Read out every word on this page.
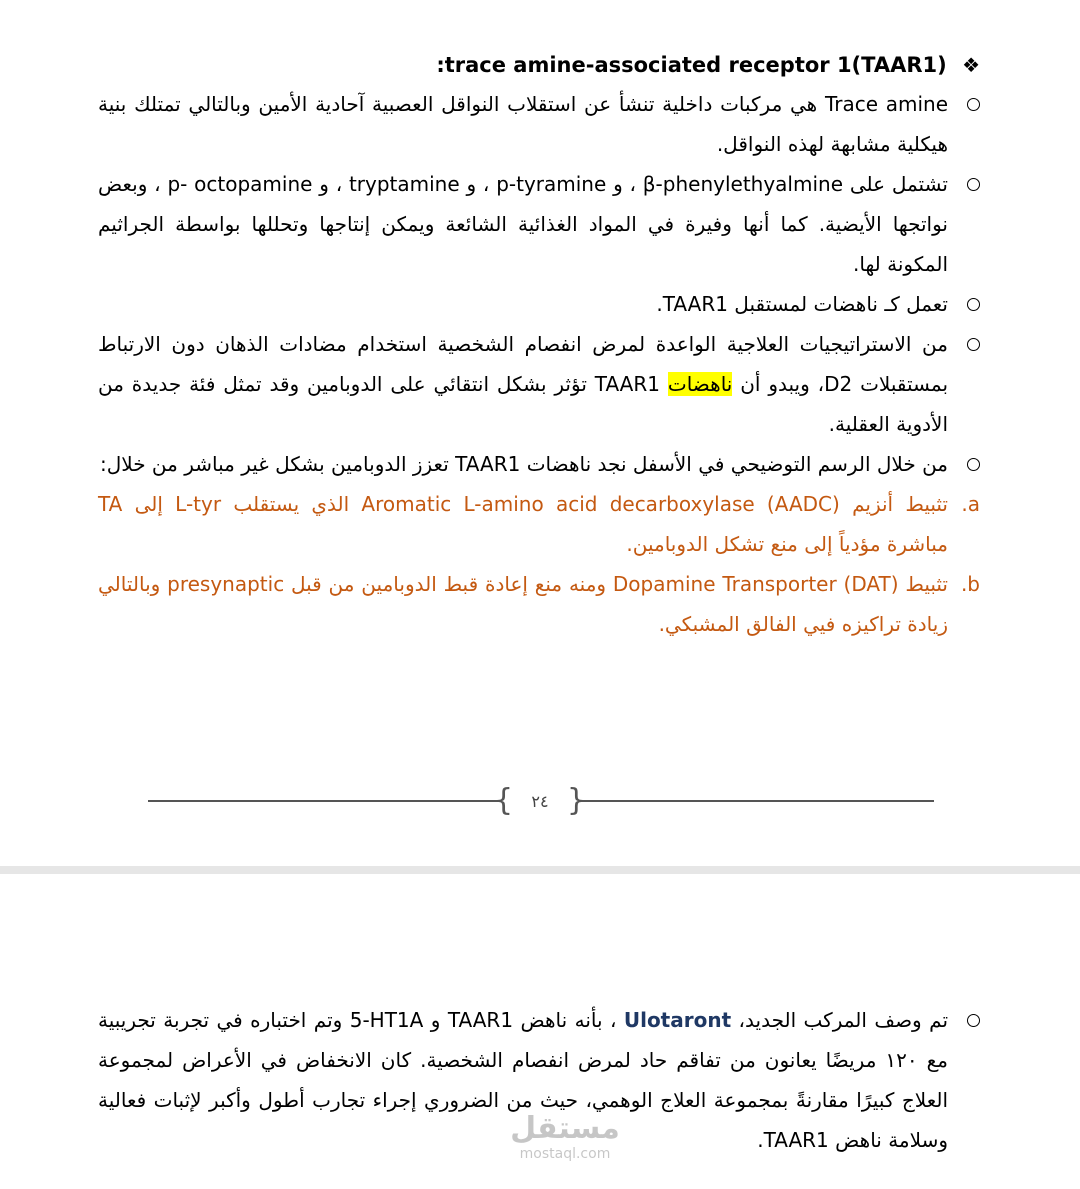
:trace amine-associated receptor 1(TAAR1) ❖
Trace amine هي مركبات داخلية تنشأ عن استقلاب النواقل العصبية آحادية الأمين وبالتالي تمتلك بنية هيكلية مشابهة لهذه النواقل.
تشتمل على β-phenylethyalmine ، و p-tyramine ، و tryptamine ، و p- octopamine ، وبعض نواتجها الأيضية. كما أنها وفيرة في المواد الغذائية الشائعة ويمكن إنتاجها وتحللها بواسطة الجراثيم المكونة لها.
تعمل كـ ناهضات لمستقبل TAAR1.
من الاستراتيجيات العلاجية الواعدة لمرض انفصام الشخصية استخدام مضادات الذهان دون الارتباط بمستقبلات D2، ويبدو أن ناهضات TAAR1 تؤثر بشكل انتقائي على الدوبامين وقد تمثل فئة جديدة من الأدوية العقلية.
من خلال الرسم التوضيحي في الأسفل نجد ناهضات TAAR1 تعزز الدوبامين بشكل غير مباشر من خلال:
.a
تثبيط أنزيم Aromatic L-amino acid decarboxylase (AADC) الذي يستقلب L-tyr إلى TA مباشرة مؤدياً إلى منع تشكل الدوبامين.
.b
تثبيط Dopamine Transporter (DAT) ومنه منع إعادة قبط الدوبامين من قبل presynaptic وبالتالي زيادة تراكيزه فيي الفالق المشبكي.
{ ٢٤ }
تم وصف المركب الجديد، Ulotaront ، بأنه ناهض TAAR1 و 5-HT1A وتم اختباره في تجربة تجريبية مع ١٢٠ مريضًا يعانون من تفاقم حاد لمرض انفصام الشخصية. كان الانخفاض في الأعراض لمجموعة العلاج كبيرًا مقارنةً بمجموعة العلاج الوهمي، حيث من الضروري إجراء تجارب أطول وأكبر لإثبات فعالية وسلامة ناهض TAAR1.
مستقل
mostaql.com
